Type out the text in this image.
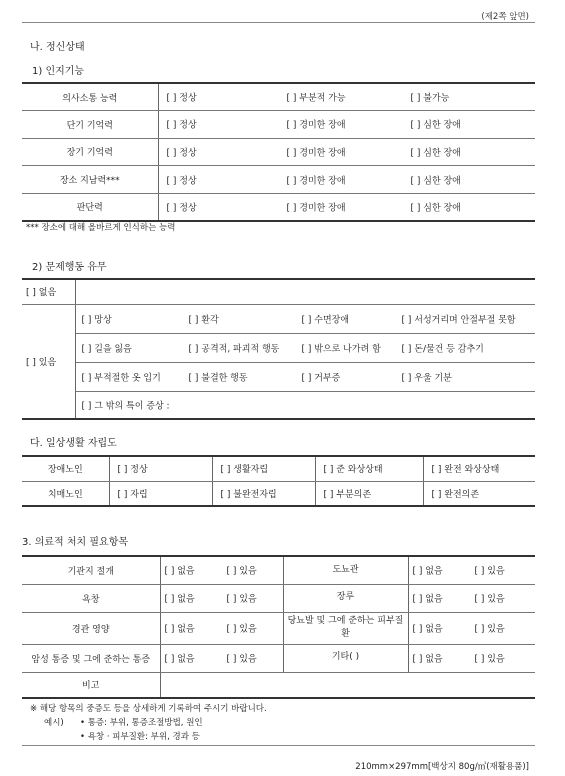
(제2쪽 앞면)
나. 정신상태
1) 인지기능
의사소통 능력	[ ] 정상 [ ] 부분적 가능 [ ] 불가능

단기 기억력	[ ] 정상 [ ] 경미한 장애 [ ] 심한 장애

장기 기억력	[ ] 정상 [ ] 경미한 장애 [ ] 심한 장애

장소 지남력***	[ ] 정상 [ ] 경미한 장애 [ ] 심한 장애

판단력	[ ] 정상 [ ] 경미한 장애 [ ] 심한 장애
*** 장소에 대해 올바르게 인식하는 능력
2) 문제행동 유무
[ ] 없음	
[ ] 있음	[ ] 망상 [ ] 환각 [ ] 수면장애 [ ] 서성거리며 안절부절 못함

	[ ] 길을 잃음 [ ] 공격적, 파괴적 행동 [ ] 밖으로 나가려 함 [ ] 돈/물건 등 감추기

	[ ] 부적절한 옷 입기 [ ] 불결한 행동 [ ] 거부증 [ ] 우울 기분

	[ ] 그 밖의 특이 증상 :
다. 일상생활 자립도
장애노인	[ ] 정상	[ ] 생활자립	[ ] 준 와상상태	[ ] 완전 와상상태
치매노인	[ ] 자립	[ ] 불완전자립	[ ] 부분의존	[ ] 완전의존
3. 의료적 처치 필요항목
기관지 절개	[ ] 없음 [ ] 있음	도뇨관	[ ] 없음 [ ] 있음

욕창	[ ] 없음 [ ] 있음	장루	[ ] 없음 [ ] 있음

경관 영양	[ ] 없음 [ ] 있음	당뇨발 및 그에 준하는 피부질환	[ ] 없음 [ ] 있음

암성 통증 및 그에 준하는 통증	[ ] 없음 [ ] 있음	기타( )	[ ] 없음 [ ] 있음

비고			
※ 해당 항목의 중증도 등을 상세하게 기록하여 주시기 바랍니다.
예시) • 통증: 부위, 통증조절방법, 원인
• 욕창 · 피부질환: 부위, 경과 등
210mm×297mm[백상지 80g/㎡(재활용품)]
